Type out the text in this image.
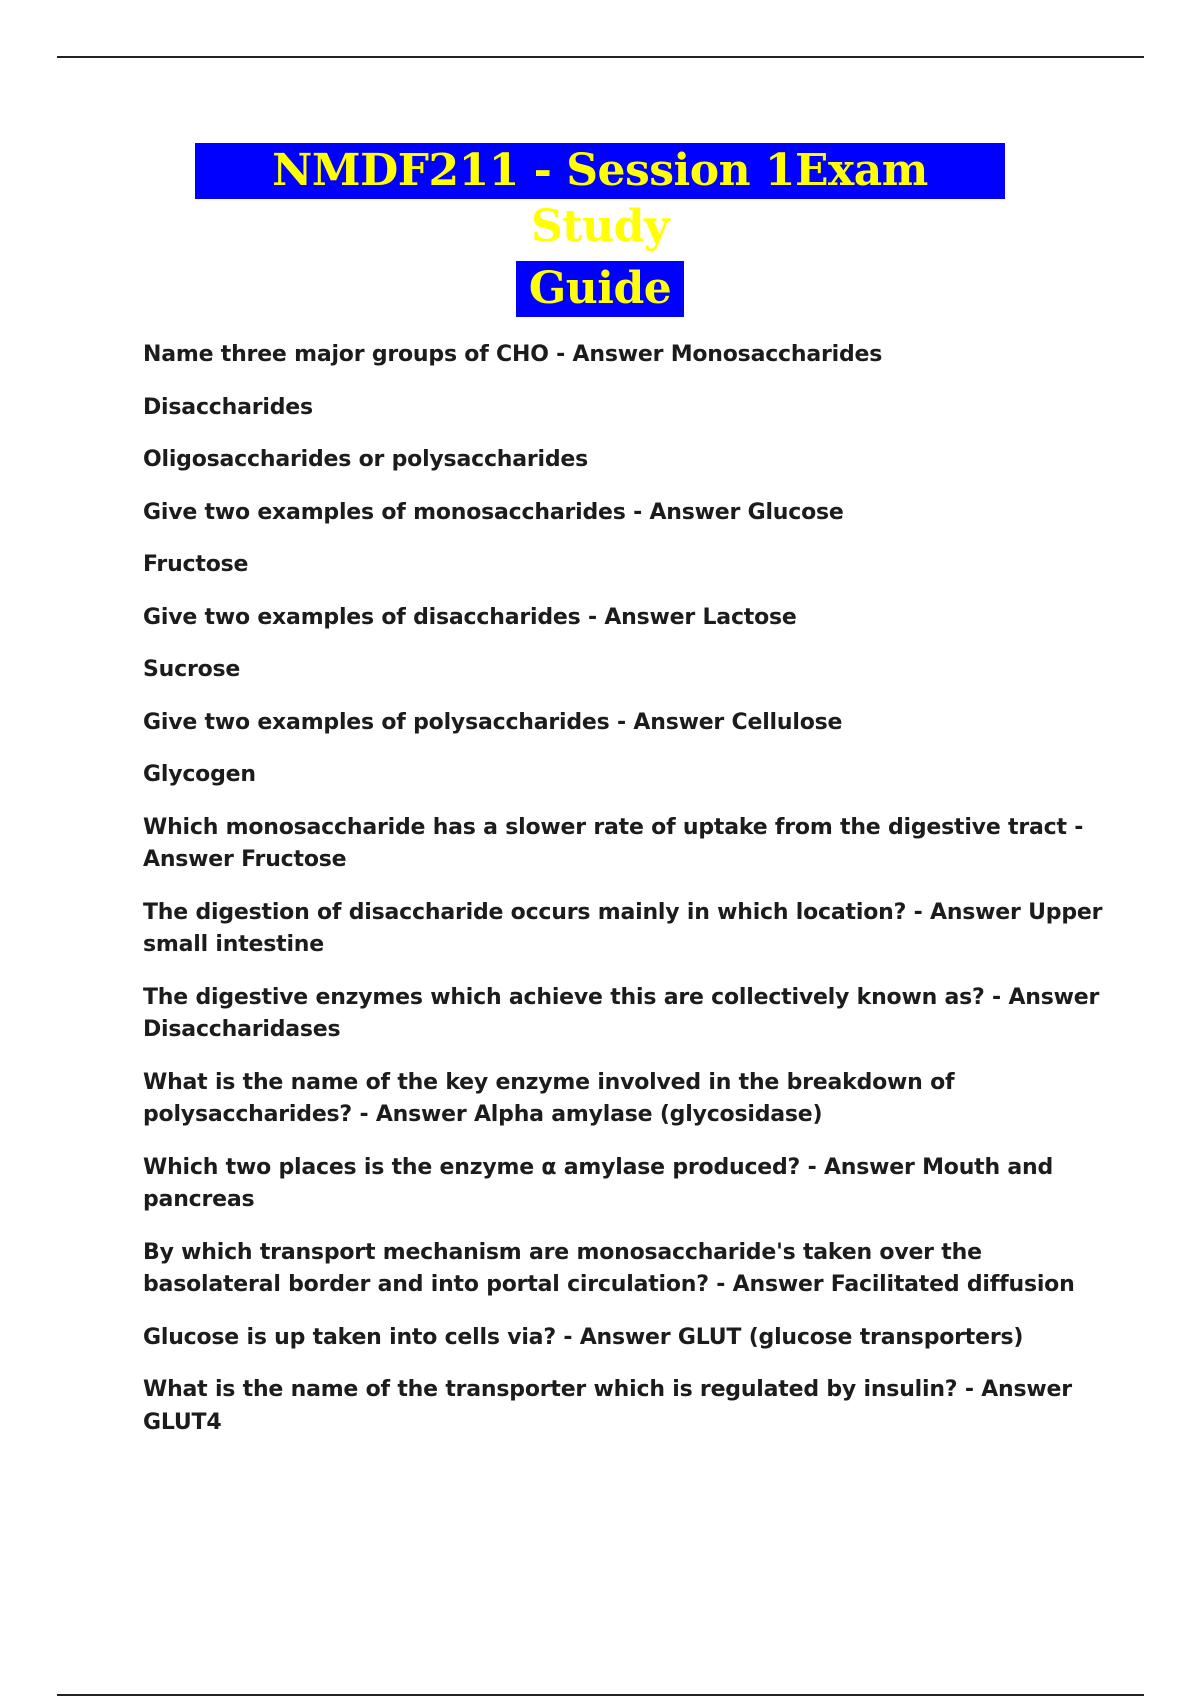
NMDF211 - Session 1Exam Study
Guide
Name three major groups of CHO - Answer Monosaccharides
Disaccharides
Oligosaccharides or polysaccharides
Give two examples of monosaccharides - Answer Glucose
Fructose
Give two examples of disaccharides - Answer Lactose
Sucrose
Give two examples of polysaccharides - Answer Cellulose
Glycogen
Which monosaccharide has a slower rate of uptake from the digestive tract - Answer Fructose
The digestion of disaccharide occurs mainly in which location? - Answer Upper small intestine
The digestive enzymes which achieve this are collectively known as? - Answer Disaccharidases
What is the name of the key enzyme involved in the breakdown of polysaccharides? - Answer Alpha amylase (glycosidase)
Which two places is the enzyme α amylase produced? - Answer Mouth and pancreas
By which transport mechanism are monosaccharide's taken over the basolateral border and into portal circulation? - Answer Facilitated diffusion
Glucose is up taken into cells via? - Answer GLUT (glucose transporters)
What is the name of the transporter which is regulated by insulin? - Answer GLUT4
